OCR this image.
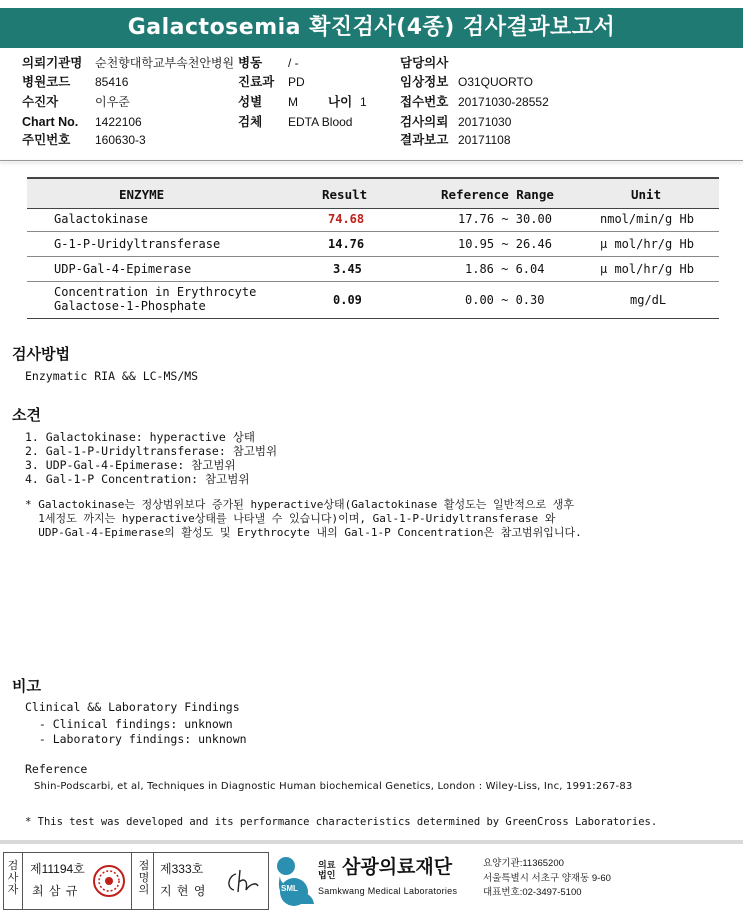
Galactosemia 확진검사(4종) 검사결과보고서
의뢰기관명 순천향대학교부속천안병원
병원코드 85416
수진자	이우준
Chart No. 1422106
주민번호 160630-3
병동 / -
진료과 PD
성별 M 나이 1
검체 EDTA Blood
담당의사
임상정보 O31QUORTO
접수번호 20171030-28552
검사의뢰 20171030
결과보고 20171108
ENZYME	Result	Reference Range	Unit
Galactokinase	74.68	17.76 ~ 30.00	nmol/min/g Hb
G-1-P-Uridyltransferase	14.76	10.95 ~ 26.46	μ mol/hr/g Hb
UDP-Gal-4-Epimerase	3.45	1.86 ~ 6.04	μ mol/hr/g Hb
Concentration in Erythrocyte
Galactose-1-Phosphate	0.09	0.00 ~ 0.30	mg/dL
검사방법
Enzymatic RIA && LC-MS/MS
소견
1. Galactokinase: hyperactive 상태
2. Gal-1-P-Uridyltransferase: 참고범위
3. UDP-Gal-4-Epimerase: 참고범위
4. Gal-1-P Concentration: 참고범위
* Galactokinase는 정상범위보다 증가된 hyperactive상태(Galactokinase 활성도는 일반적으로 생후
1세정도 까지는 hyperactive상태를 나타낼 수 있습니다)이며, Gal-1-P-Uridyltransferase 와
UDP-Gal-4-Epimerase의 활성도 및 Erythrocyte 내의 Gal-1-P Concentration은 참고범위입니다.
비고
Clinical && Laboratory Findings
- Clinical findings: unknown
- Laboratory findings: unknown
Reference
Shin-Podscarbi, et al, Techniques in Diagnostic Human biochemical Genetics, London : Wiley-Liss, Inc, 1991:267-83
* This test was developed and its performance characteristics determined by GreenCross Laboratories.
검사자
제11194호
최 삼 규
점명의
제333호
지 현 영	SML
의료
법인 삼광의료재단
Samkwang Medical Laboratories
요양기관:11365200
서울특별시 서초구 양재동 9-60
대표번호:02-3497-5100
